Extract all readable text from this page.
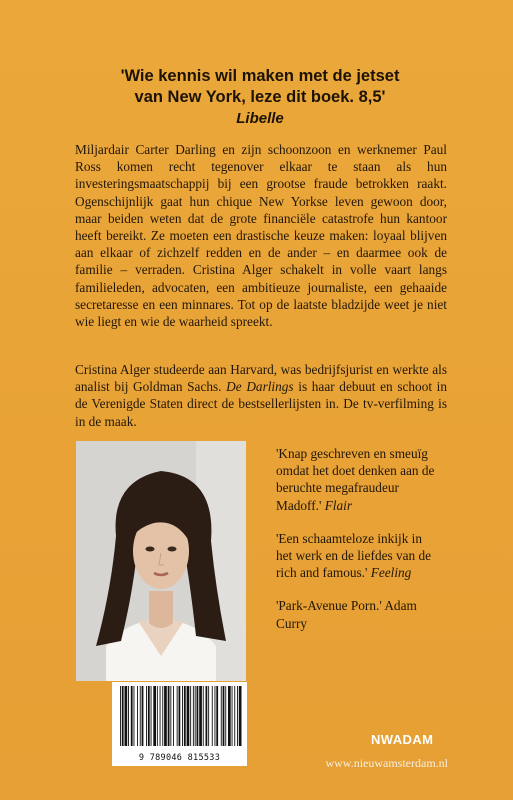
'Wie kennis wil maken met de jetset
van New York, leze dit boek. 8,5'
Libelle
Miljardair Carter Darling en zijn schoonzoon en werknemer Paul Ross komen recht tegenover elkaar te staan als hun investeringsmaatschappij bij een grootse fraude betrokken raakt. Ogenschijnlijk gaat hun chique New Yorkse leven gewoon door, maar beiden weten dat de grote financiële catastrofe hun kantoor heeft bereikt. Ze moeten een drastische keuze maken: loyaal blijven aan elkaar of zichzelf redden en de ander – en daarmee ook de familie – verraden. Cristina Alger schakelt in volle vaart langs familieleden, advocaten, een ambitieuze journaliste, een gehaaide secretaresse en een minnares. Tot op de laatste bladzijde weet je niet wie liegt en wie de waarheid spreekt.
Cristina Alger studeerde aan Harvard, was bedrijfsjurist en werkte als analist bij Goldman Sachs. De Darlings is haar debuut en schoot in de Verenigde Staten direct de bestsellerlijsten in. De tv-verfilming is in de maak.
9 789046 815533
'Knap geschreven en smeuïg omdat het doet denken aan de beruchte megafraudeur Madoff.' Flair
'Een schaamteloze inkijk in het werk en de liefdes van de rich and famous.' Feeling
'Park-Avenue Porn.' Adam Curry
NW⁠ADAM
www.nieuwamsterdam.nl
